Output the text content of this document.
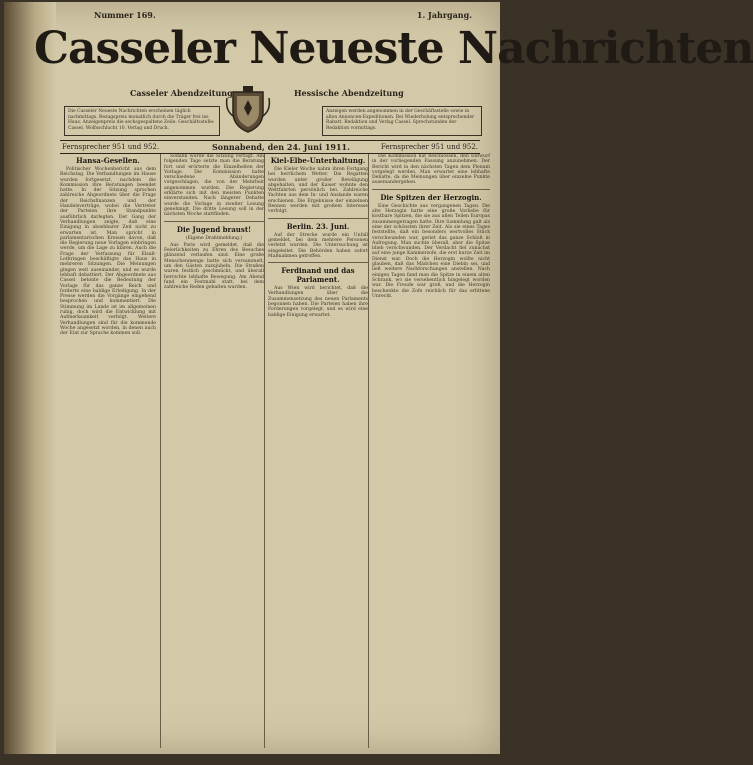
Nummer 169.	1. Jahrgang.
Casseler Neueste Nachrichten
Casseler Abendzeitung	Hessische Abendzeitung
Die Casseler Neueste Nachrichten erscheinen täglich nachmittags. Bezugspreis monatlich durch die Träger frei ins Haus. Anzeigenpreis die sechsgespaltene Zeile. Geschäftsstelle: Cassel, Wolfsschlucht 10. Verlag und Druck.
Anzeigen werden angenommen in der Geschäftsstelle sowie in allen Annoncen-Expeditionen. Bei Wiederholung entsprechender Rabatt. Redaktion und Verlag Cassel. Sprechstunden der Redaktion vormittags.
Fernsprecher 951 und 952.	Sonnabend, den 24. Juni 1911.	Fernsprecher 951 und 952.
Hansa-Gesellen.

Politischer Wochenbericht aus dem Reichstag. Die Verhandlungen im Hause wurden fortgesetzt, nachdem die Kommission ihre Beratungen beendet hatte. In der Sitzung sprachen zahlreiche Abgeordnete über die Frage der Reichsfinanzen und der Handelsverträge, wobei die Vertreter der Parteien ihre Standpunkte ausführlich darlegten. Der Gang der Verhandlungen zeigte, daß eine Einigung in absehbarer Zeit nicht zu erwarten ist. Man spricht in parlamentarischen Kreisen davon, daß die Regierung neue Vorlagen einbringen werde, um die Lage zu klären. Auch die Frage der Verfassung für Elsaß-Lothringen beschäftigte das Haus in mehreren Sitzungen. Die Meinungen gingen weit auseinander, und es wurde lebhaft debattiert. Der Abgeordnete aus Cassel betonte die Bedeutung der Vorlage für das ganze Reich und forderte eine baldige Erledigung. In der Presse werden die Vorgänge eingehend besprochen und kommentiert. Die Stimmung im Lande ist im allgemeinen ruhig, doch wird die Entwicklung mit Aufmerksamkeit verfolgt. Weitere Verhandlungen sind für die kommende Woche angesetzt worden, in denen auch der Etat zur Sprache kommen soll.

Sodann wurde die Sitzung vertagt. Am folgenden Tage setzte man die Beratung fort und erörterte die Einzelheiten der Vorlage. Die Kommission hatte verschiedene Abänderungen vorgeschlagen, die von der Mehrheit angenommen wurden. Die Regierung erklärte sich mit den meisten Punkten einverstanden. Nach längerer Debatte wurde die Vorlage in zweiter Lesung genehmigt. Die dritte Lesung soll in der nächsten Woche stattfinden.

Die Jugend braust!

(Eigene Drahtmeldung.)

Aus Paris wird gemeldet, daß die Feierlichkeiten zu Ehren des Besuches glänzend verlaufen sind. Eine große Menschenmenge hatte sich versammelt, um den Gästen zuzujubeln. Die Straßen waren festlich geschmückt, und überall herrschte lebhafte Bewegung. Am Abend fand ein Festmahl statt, bei dem zahlreiche Reden gehalten wurden.

Kiel-Elbe-Unterhaltung.

Die Kieler Woche nahm ihren Fortgang bei herrlichem Wetter. Die Regatten wurden unter großer Beteiligung abgehalten, und der Kaiser wohnte den Wettfahrten persönlich bei. Zahlreiche Yachten aus dem In- und Auslande waren erschienen. Die Ergebnisse der einzelnen Rennen werden mit großem Interesse verfolgt.

Berlin. 23. Juni.

Auf der Strecke wurde ein Unfall gemeldet, bei dem mehrere Personen verletzt wurden. Die Untersuchung ist eingeleitet. Die Behörden haben sofort Maßnahmen getroffen.

Ferdinand und das Parlament.

Aus Wien wird berichtet, daß die Verhandlungen über die Zusammensetzung des neuen Parlaments begonnen haben. Die Parteien haben ihre Forderungen vorgelegt, und es wird eine baldige Einigung erwartet.

Die Kommission hat beschlossen, den Entwurf in der vorliegenden Fassung anzunehmen. Der Bericht wird in den nächsten Tagen dem Plenum vorgelegt werden. Man erwartet eine lebhafte Debatte, da die Meinungen über einzelne Punkte auseinandergehen.

Die Spitzen der Herzogin.

Eine Geschichte aus vergangenen Tagen. Die alte Herzogin hatte eine große Vorliebe für kostbare Spitzen, die sie aus allen Teilen Europas zusammengetragen hatte. Ihre Sammlung galt als eine der schönsten ihrer Zeit. Als sie eines Tages feststellte, daß ein besonders wertvolles Stück verschwunden war, geriet das ganze Schloß in Aufregung. Man suchte überall, aber die Spitze blieb verschwunden. Der Verdacht fiel zunächst auf eine junge Kammerzofe, die erst kurze Zeit im Dienst war. Doch die Herzogin wollte nicht glauben, daß das Mädchen eine Diebin sei, und ließ weitere Nachforschungen anstellen. Nach einigen Tagen fand man die Spitze in einem alten Schrank, wo sie versehentlich hingelegt worden war. Die Freude war groß, und die Herzogin beschenkte die Zofe reichlich für das erlittene Unrecht.
